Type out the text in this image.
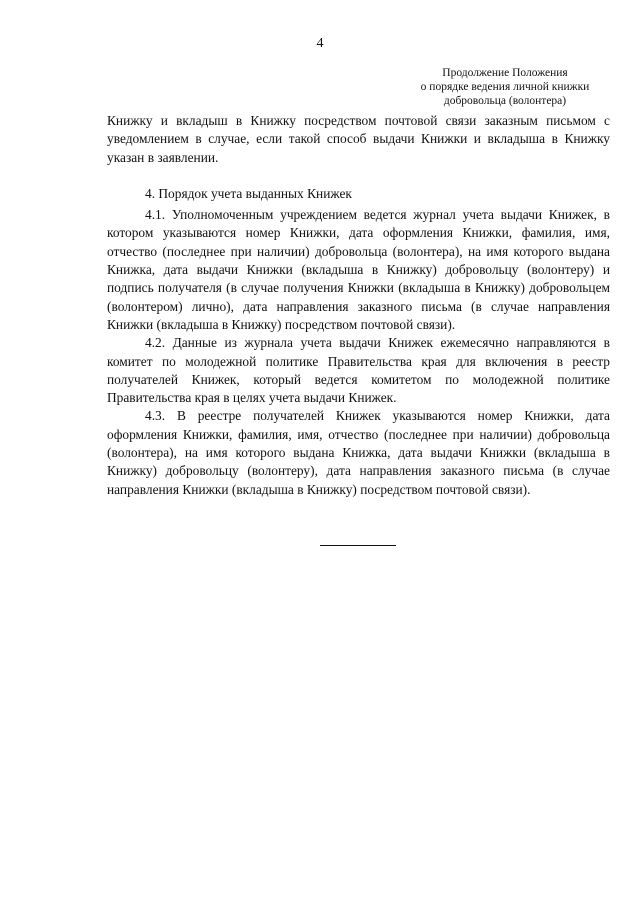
4
Продолжение Положения
о порядке ведения личной книжки
добровольца (волонтера)

Книжку и вкладыш в Книжку посредством почтовой связи заказным письмом с уведомлением в случае, если такой способ выдачи Книжки и вкладыша в Книжку указан в заявлении.

4. Порядок учета выданных Книжек

4.1. Уполномоченным учреждением ведется журнал учета выдачи Книжек, в котором указываются номер Книжки, дата оформления Книжки, фамилия, имя, отчество (последнее при наличии) добровольца (волонтера), на имя которого выдана Книжка, дата выдачи Книжки (вкладыша в Книжку) добровольцу (волонтеру) и подпись получателя (в случае получения Книжки (вкладыша в Книжку) добровольцем (волонтером) лично), дата направления заказного письма (в случае направления Книжки (вкладыша в Книжку) посредством почтовой связи).

4.2. Данные из журнала учета выдачи Книжек ежемесячно направляются в комитет по молодежной политике Правительства края для включения в реестр получателей Книжек, который ведется комитетом по молодежной политике Правительства края в целях учета выдачи Книжек.

4.3. В реестре получателей Книжек указываются номер Книжки, дата оформления Книжки, фамилия, имя, отчество (последнее при наличии) добровольца (волонтера), на имя которого выдана Книжка, дата выдачи Книжки (вкладыша в Книжку) добровольцу (волонтеру), дата направления заказного письма (в случае направления Книжки (вкладыша в Книжку) посредством почтовой связи).
